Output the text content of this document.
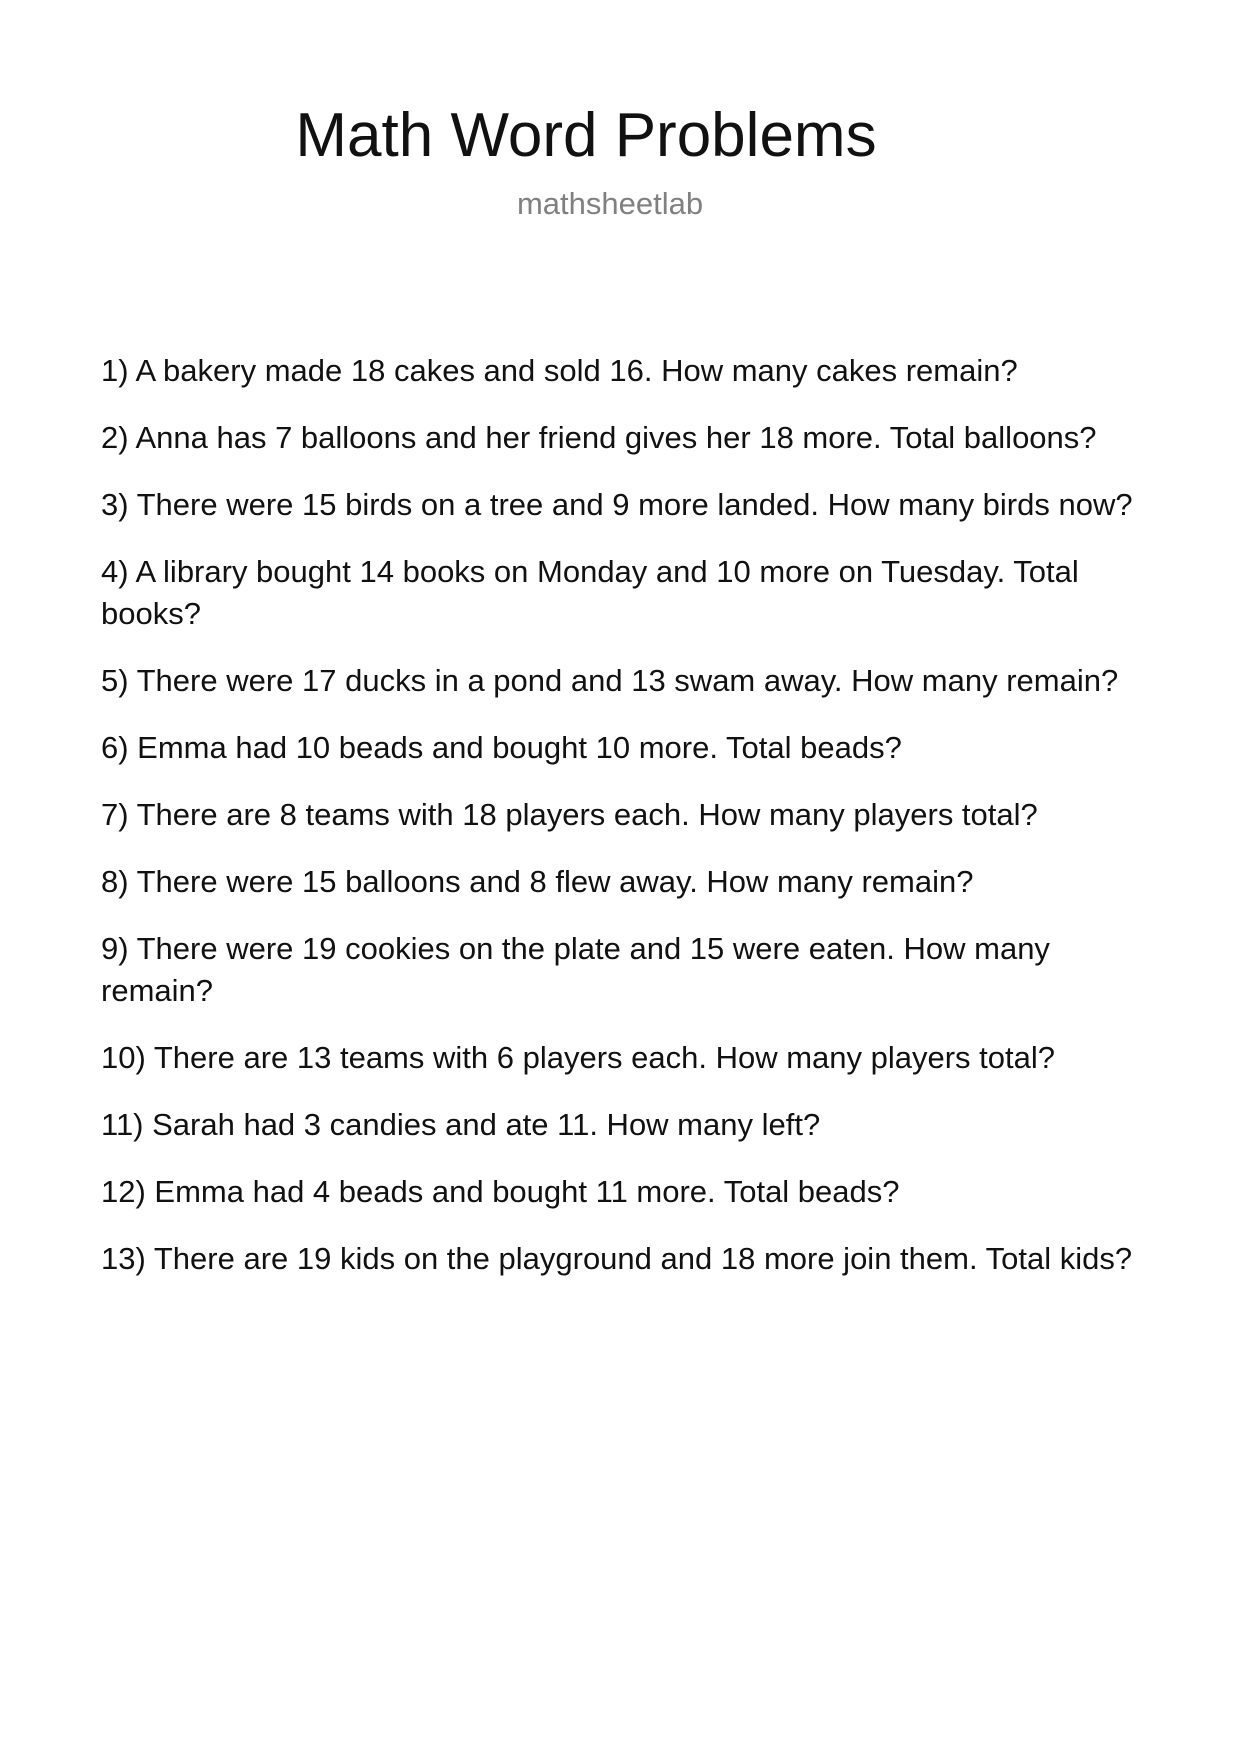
Math Word Problems
mathsheetlab
1) A bakery made 18 cakes and sold 16. How many cakes remain?
2) Anna has 7 balloons and her friend gives her 18 more. Total balloons?
3) There were 15 birds on a tree and 9 more landed. How many birds now?
4) A library bought 14 books on Monday and 10 more on Tuesday. Total books?
5) There were 17 ducks in a pond and 13 swam away. How many remain?
6) Emma had 10 beads and bought 10 more. Total beads?
7) There are 8 teams with 18 players each. How many players total?
8) There were 15 balloons and 8 flew away. How many remain?
9) There were 19 cookies on the plate and 15 were eaten. How many remain?
10) There are 13 teams with 6 players each. How many players total?
11) Sarah had 3 candies and ate 11. How many left?
12) Emma had 4 beads and bought 11 more. Total beads?
13) There are 19 kids on the playground and 18 more join them. Total kids?
